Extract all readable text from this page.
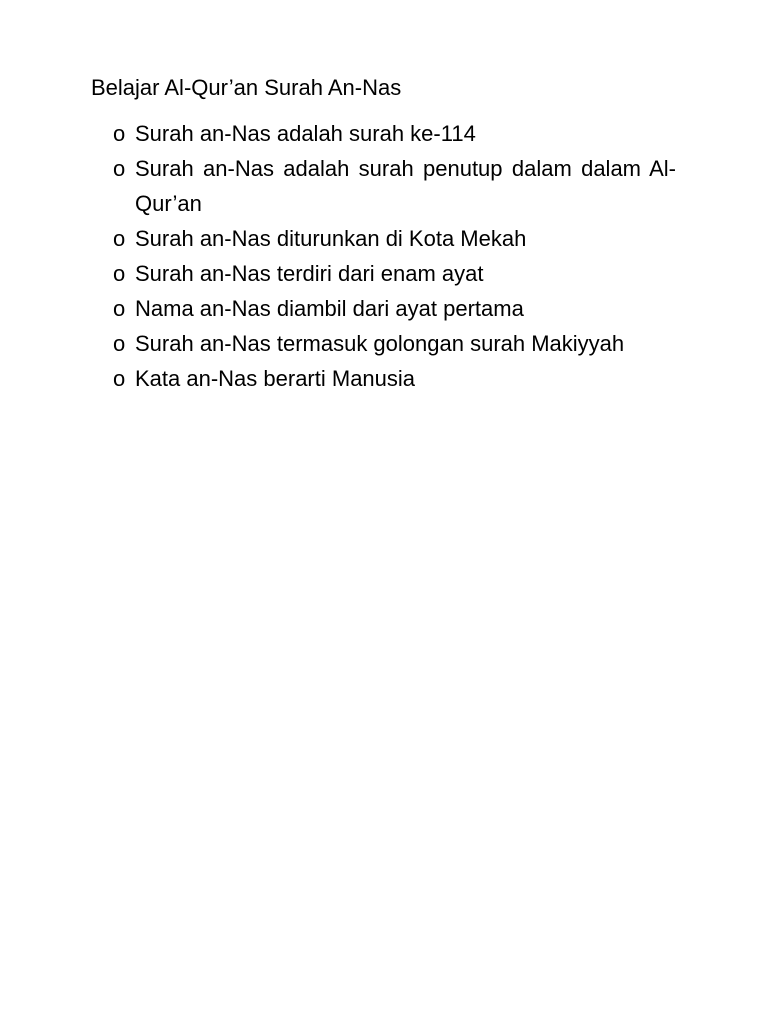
Belajar Al-Qur’an Surah An-Nas
o Surah an-Nas adalah surah ke-114
o Surah an-Nas adalah surah penutup dalam dalam Al-Qur’an
o Surah an-Nas diturunkan di Kota Mekah
o Surah an-Nas terdiri dari enam ayat
o Nama an-Nas diambil dari ayat pertama
o Surah an-Nas termasuk golongan surah Makiyyah
o Kata an-Nas berarti Manusia
